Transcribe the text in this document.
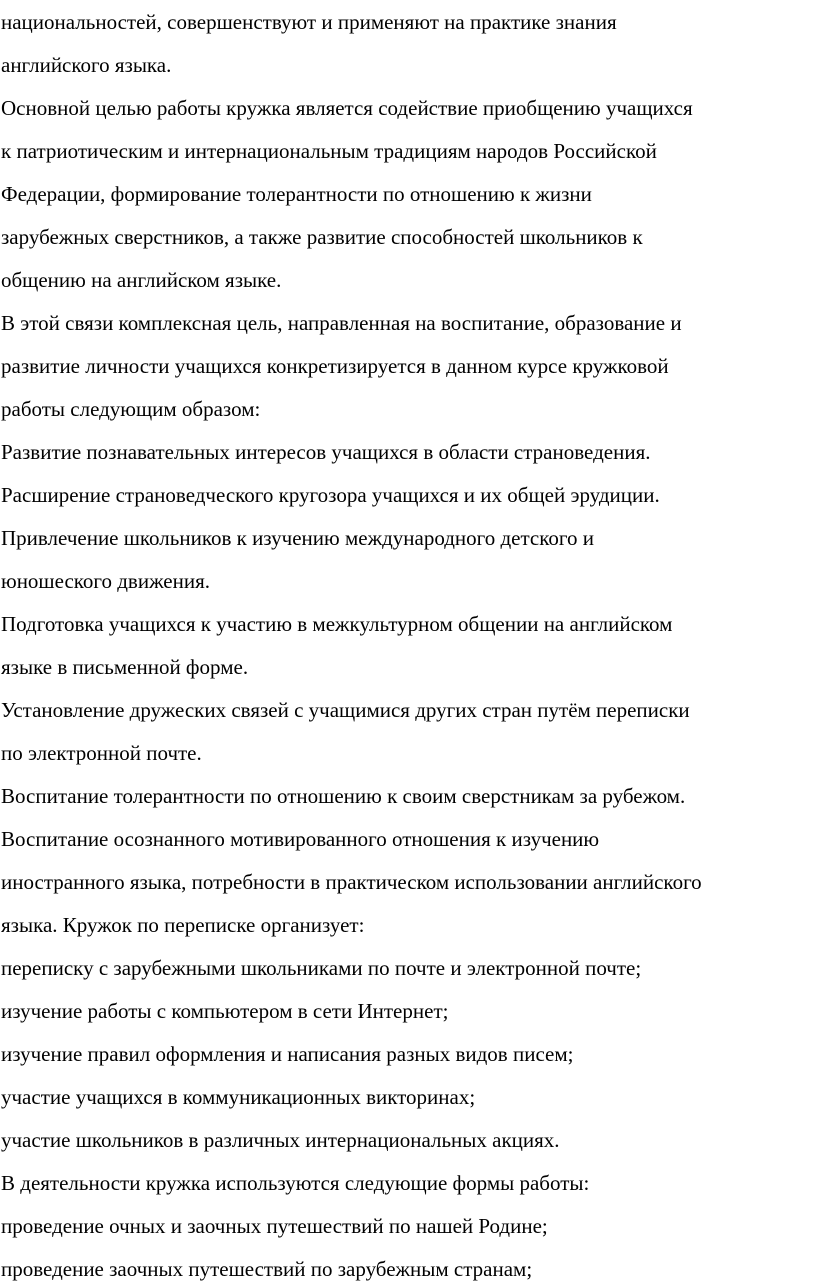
национальностей, совершенствуют и применяют на практике знания
английского языка.
Основной целью работы кружка является содействие приобщению учащихся
к патриотическим и интернациональным традициям народов Российской
Федерации, формирование толерантности по отношению к жизни
зарубежных сверстников, а также развитие способностей школьников к
общению на английском языке.
В этой связи комплексная цель, направленная на воспитание, образование и
развитие личности учащихся конкретизируется в данном курсе кружковой
работы следующим образом:
Развитие познавательных интересов учащихся в области страноведения.
Расширение страноведческого кругозора учащихся и их общей эрудиции.
Привлечение школьников к изучению международного детского и
юношеского движения.
Подготовка учащихся к участию в межкультурном общении на английском
языке в письменной форме.
Установление дружеских связей с учащимися других стран путём переписки
по электронной почте.
Воспитание толерантности по отношению к своим сверстникам за рубежом.
Воспитание осознанного мотивированного отношения к изучению
иностранного языка, потребности в практическом использовании английского
языка. Кружок по переписке организует:
переписку с зарубежными школьниками по почте и электронной почте;
изучение работы с компьютером в сети Интернет;
изучение правил оформления и написания разных видов писем;
участие учащихся в коммуникационных викторинах;
участие школьников в различных интернациональных акциях.
В деятельности кружка используются следующие формы работы:
проведение очных и заочных путешествий по нашей Родине;
проведение заочных путешествий по зарубежным странам;
